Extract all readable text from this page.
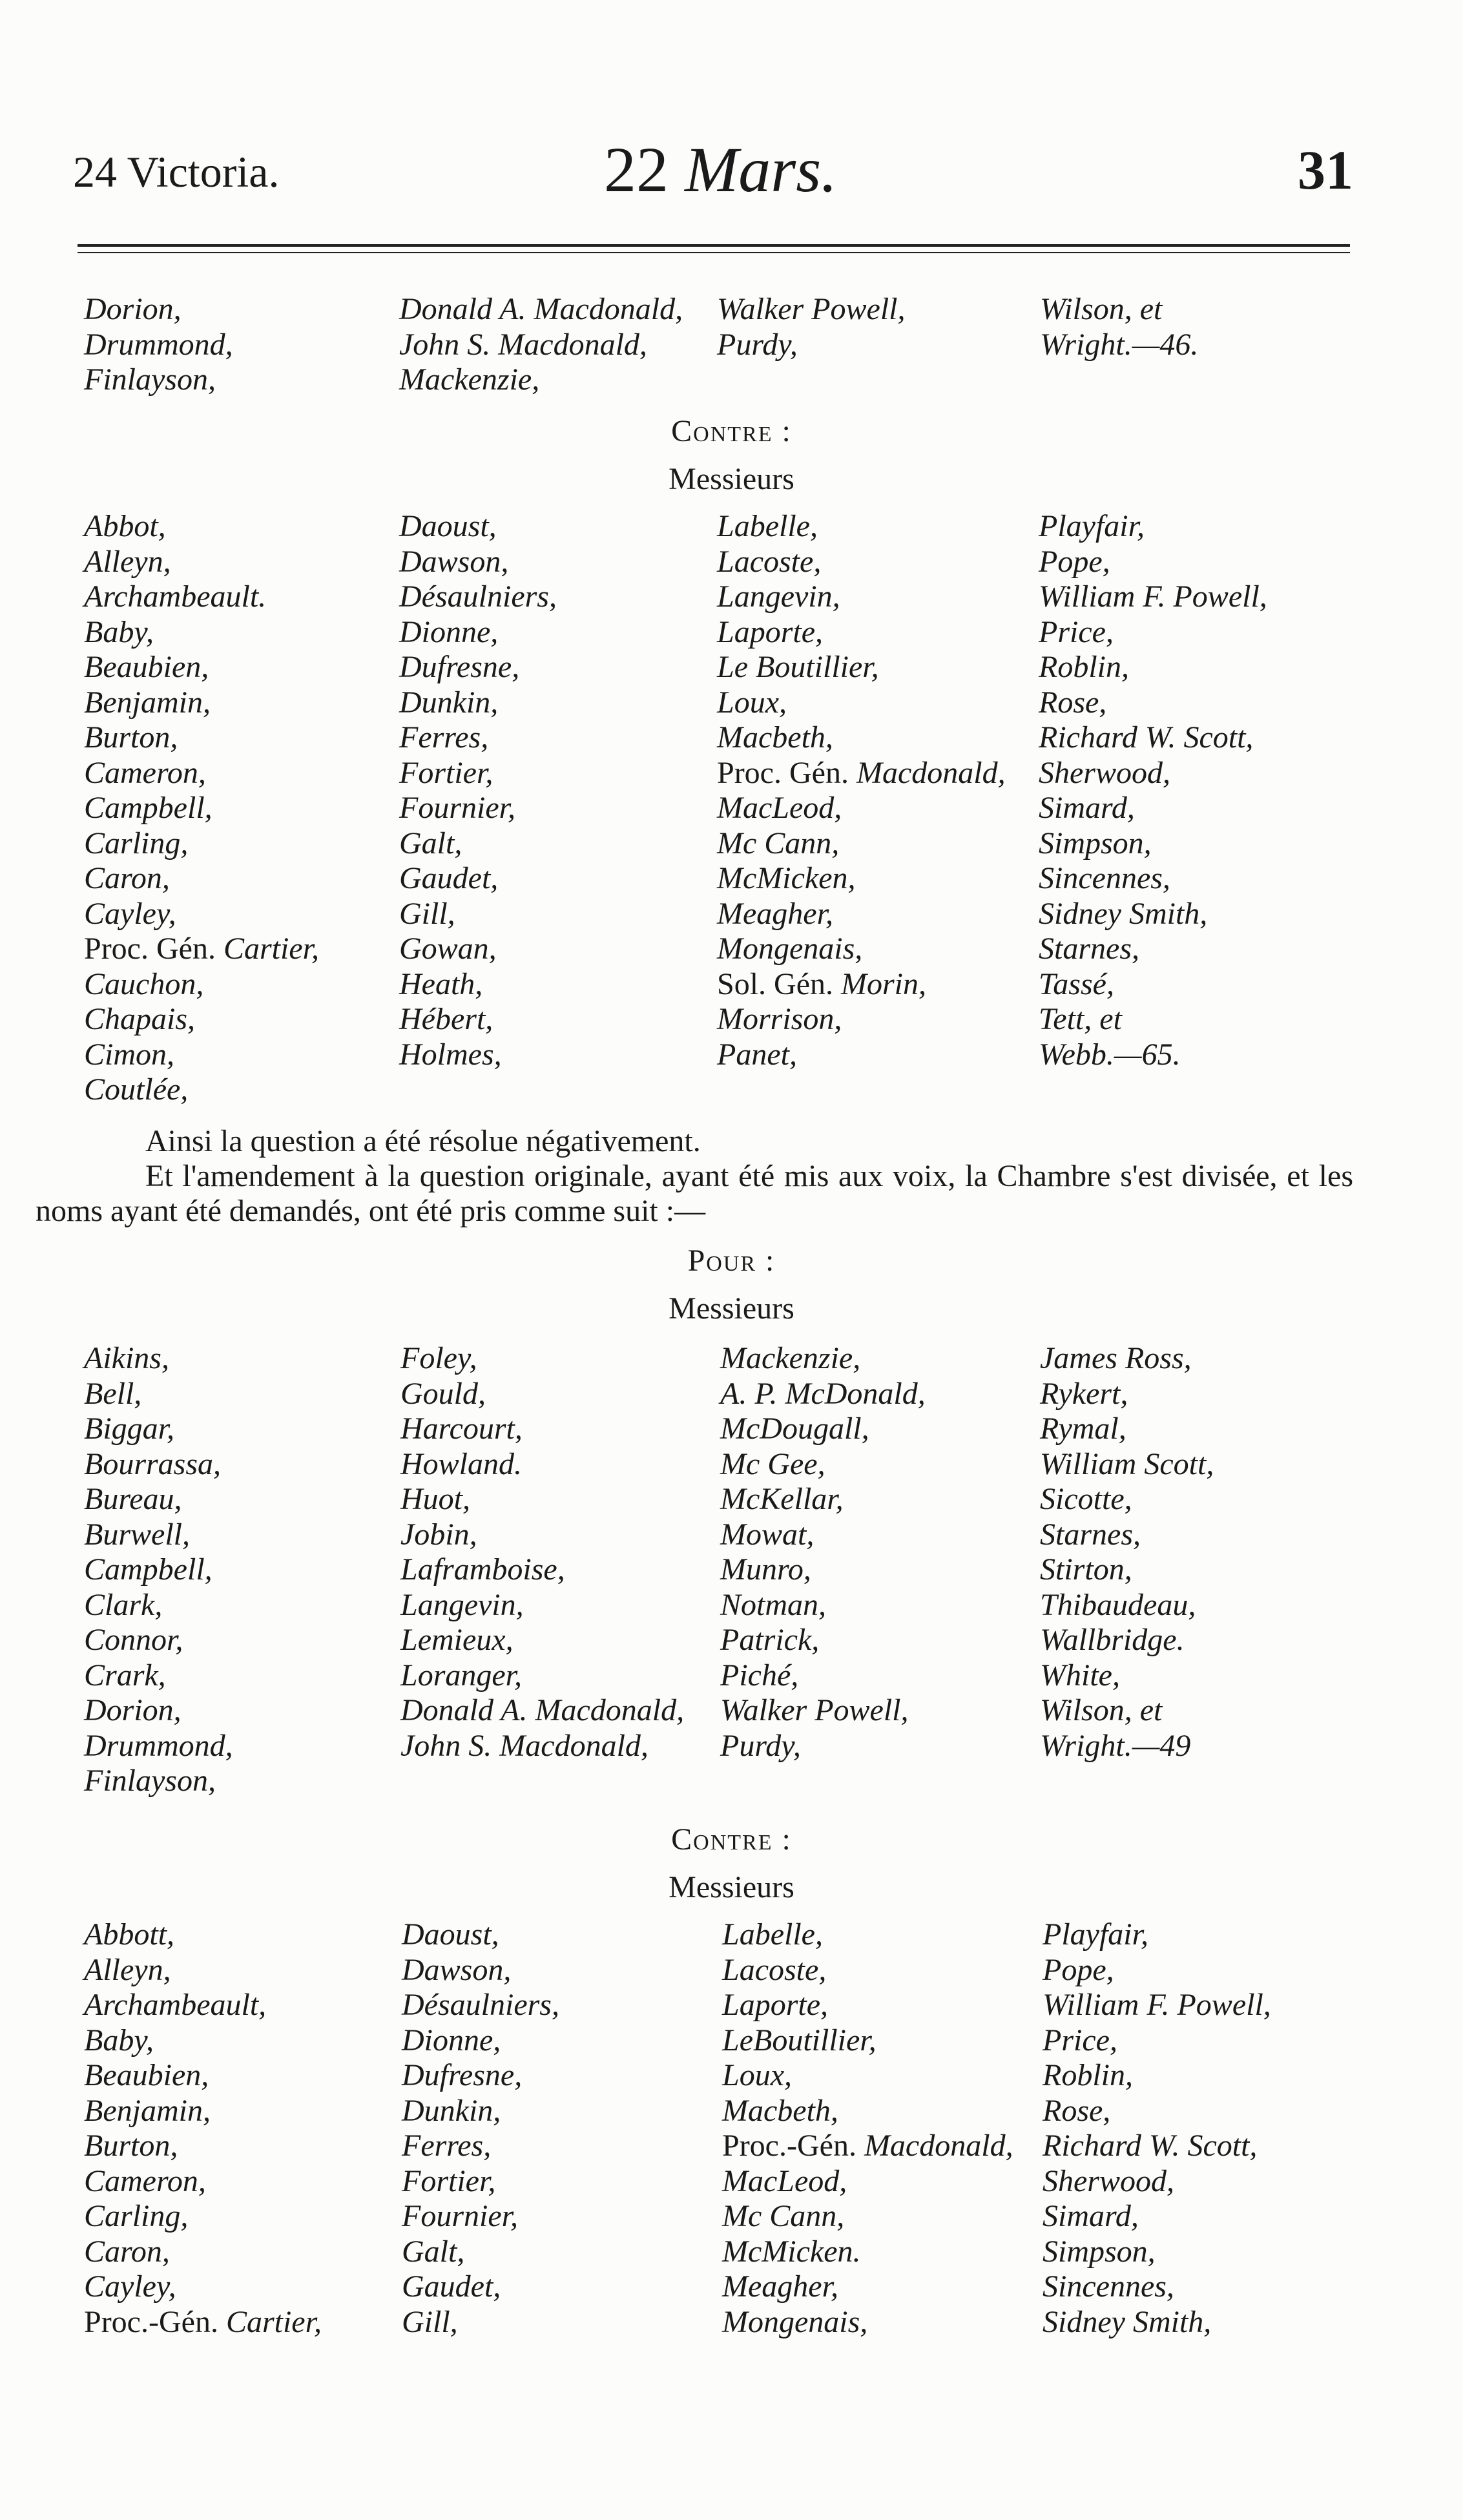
24 Victoria.	22 Mars.	31
Dorion,
Drummond,
Finlayson,
Donald A. Macdonald,
John S. Macdonald,
Mackenzie,
Walker Powell,
Purdy,
Wilson, et
Wright.—46.
Contre :
Messieurs
Abbot,
Alleyn,
Archambeault.
Baby,
Beaubien,
Benjamin,
Burton,
Cameron,
Campbell,
Carling,
Caron,
Cayley,
Proc. Gén. Cartier,
Cauchon,
Chapais,
Cimon,
Coutlée,
Daoust,
Dawson,
Désaulniers,
Dionne,
Dufresne,
Dunkin,
Ferres,
Fortier,
Fournier,
Galt,
Gaudet,
Gill,
Gowan,
Heath,
Hébert,
Holmes,
Labelle,
Lacoste,
Langevin,
Laporte,
Le Boutillier,
Loux,
Macbeth,
Proc. Gén. Macdonald,
MacLeod,
Mc Cann,
McMicken,
Meagher,
Mongenais,
Sol. Gén. Morin,
Morrison,
Panet,
Playfair,
Pope,
William F. Powell,
Price,
Roblin,
Rose,
Richard W. Scott,
Sherwood,
Simard,
Simpson,
Sincennes,
Sidney Smith,
Starnes,
Tassé,
Tett, et
Webb.—65.

Ainsi la question a été résolue négativement.

Et l'amendement à la question originale, ayant été mis aux voix, la Chambre s'est divisée, et les noms ayant été demandés, ont été pris comme suit :—

Pour :
Messieurs
Aikins,
Bell,
Biggar,
Bourrassa,
Bureau,
Burwell,
Campbell,
Clark,
Connor,
Crark,
Dorion,
Drummond,
Finlayson,
Foley,
Gould,
Harcourt,
Howland.
Huot,
Jobin,
Laframboise,
Langevin,
Lemieux,
Loranger,
Donald A. Macdonald,
John S. Macdonald,
Mackenzie,
A. P. McDonald,
McDougall,
Mc Gee,
McKellar,
Mowat,
Munro,
Notman,
Patrick,
Piché,
Walker Powell,
Purdy,
James Ross,
Rykert,
Rymal,
William Scott,
Sicotte,
Starnes,
Stirton,
Thibaudeau,
Wallbridge.
White,
Wilson, et
Wright.—49
Contre :
Messieurs
Abbott,
Alleyn,
Archambeault,
Baby,
Beaubien,
Benjamin,
Burton,
Cameron,
Carling,
Caron,
Cayley,
Proc.-Gén. Cartier,
Daoust,
Dawson,
Désaulniers,
Dionne,
Dufresne,
Dunkin,
Ferres,
Fortier,
Fournier,
Galt,
Gaudet,
Gill,
Labelle,
Lacoste,
Laporte,
LeBoutillier,
Loux,
Macbeth,
Proc.-Gén. Macdonald,
MacLeod,
Mc Cann,
McMicken.
Meagher,
Mongenais,
Playfair,
Pope,
William F. Powell,
Price,
Roblin,
Rose,
Richard W. Scott,
Sherwood,
Simard,
Simpson,
Sincennes,
Sidney Smith,
